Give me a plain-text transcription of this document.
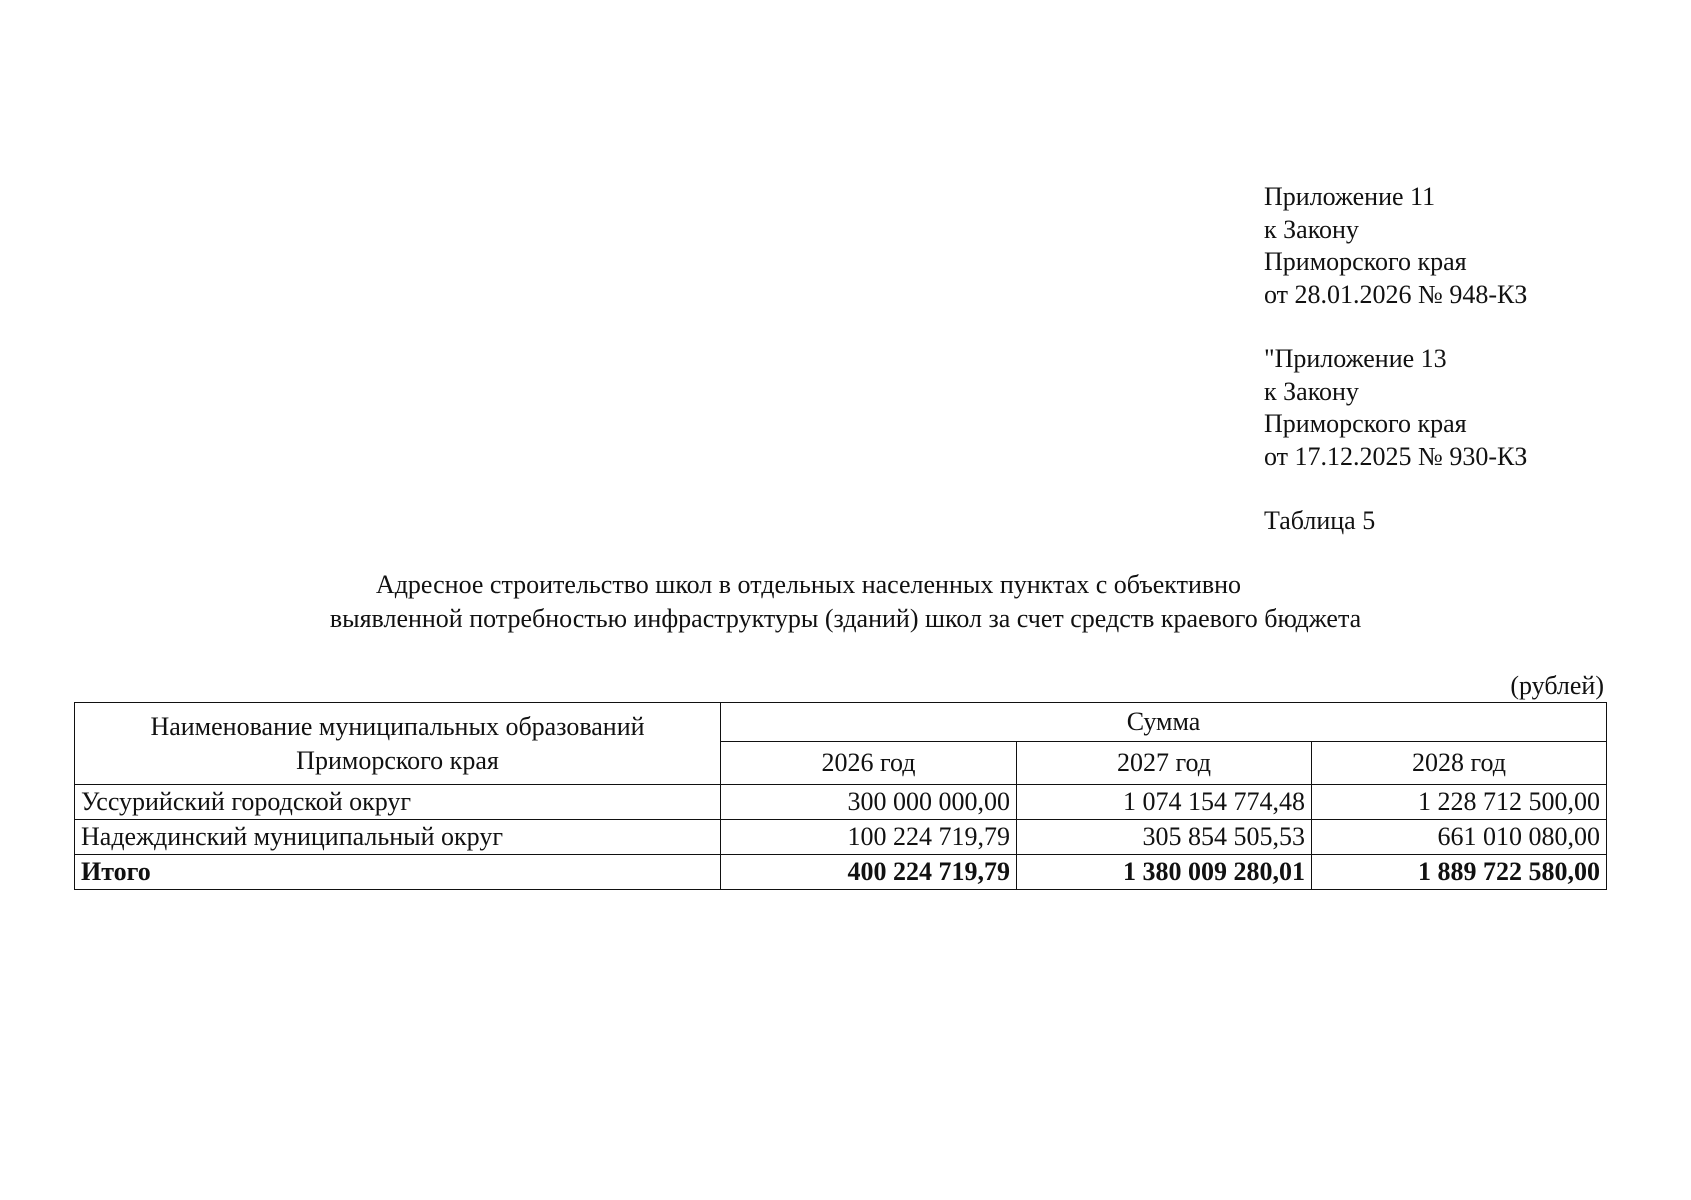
Приложение 11
к Закону
Приморского края
от 28.01.2026 № 948-КЗ
"Приложение 13
к Закону
Приморского края
от 17.12.2025 № 930-КЗ
Таблица 5
Адресное строительство школ в отдельных населенных пунктах с объективно
выявленной потребностью инфраструктуры (зданий) школ за счет средств краевого бюджета
(рублей)
Наименование муниципальных образований Приморского края	Сумма		
	2026 год	2027 год	2028 год
Уссурийский городской округ	300 000 000,00	1 074 154 774,48	1 228 712 500,00
Надеждинский муниципальный округ	100 224 719,79	305 854 505,53	661 010 080,00
Итого	400 224 719,79	1 380 009 280,01	1 889 722 580,00
